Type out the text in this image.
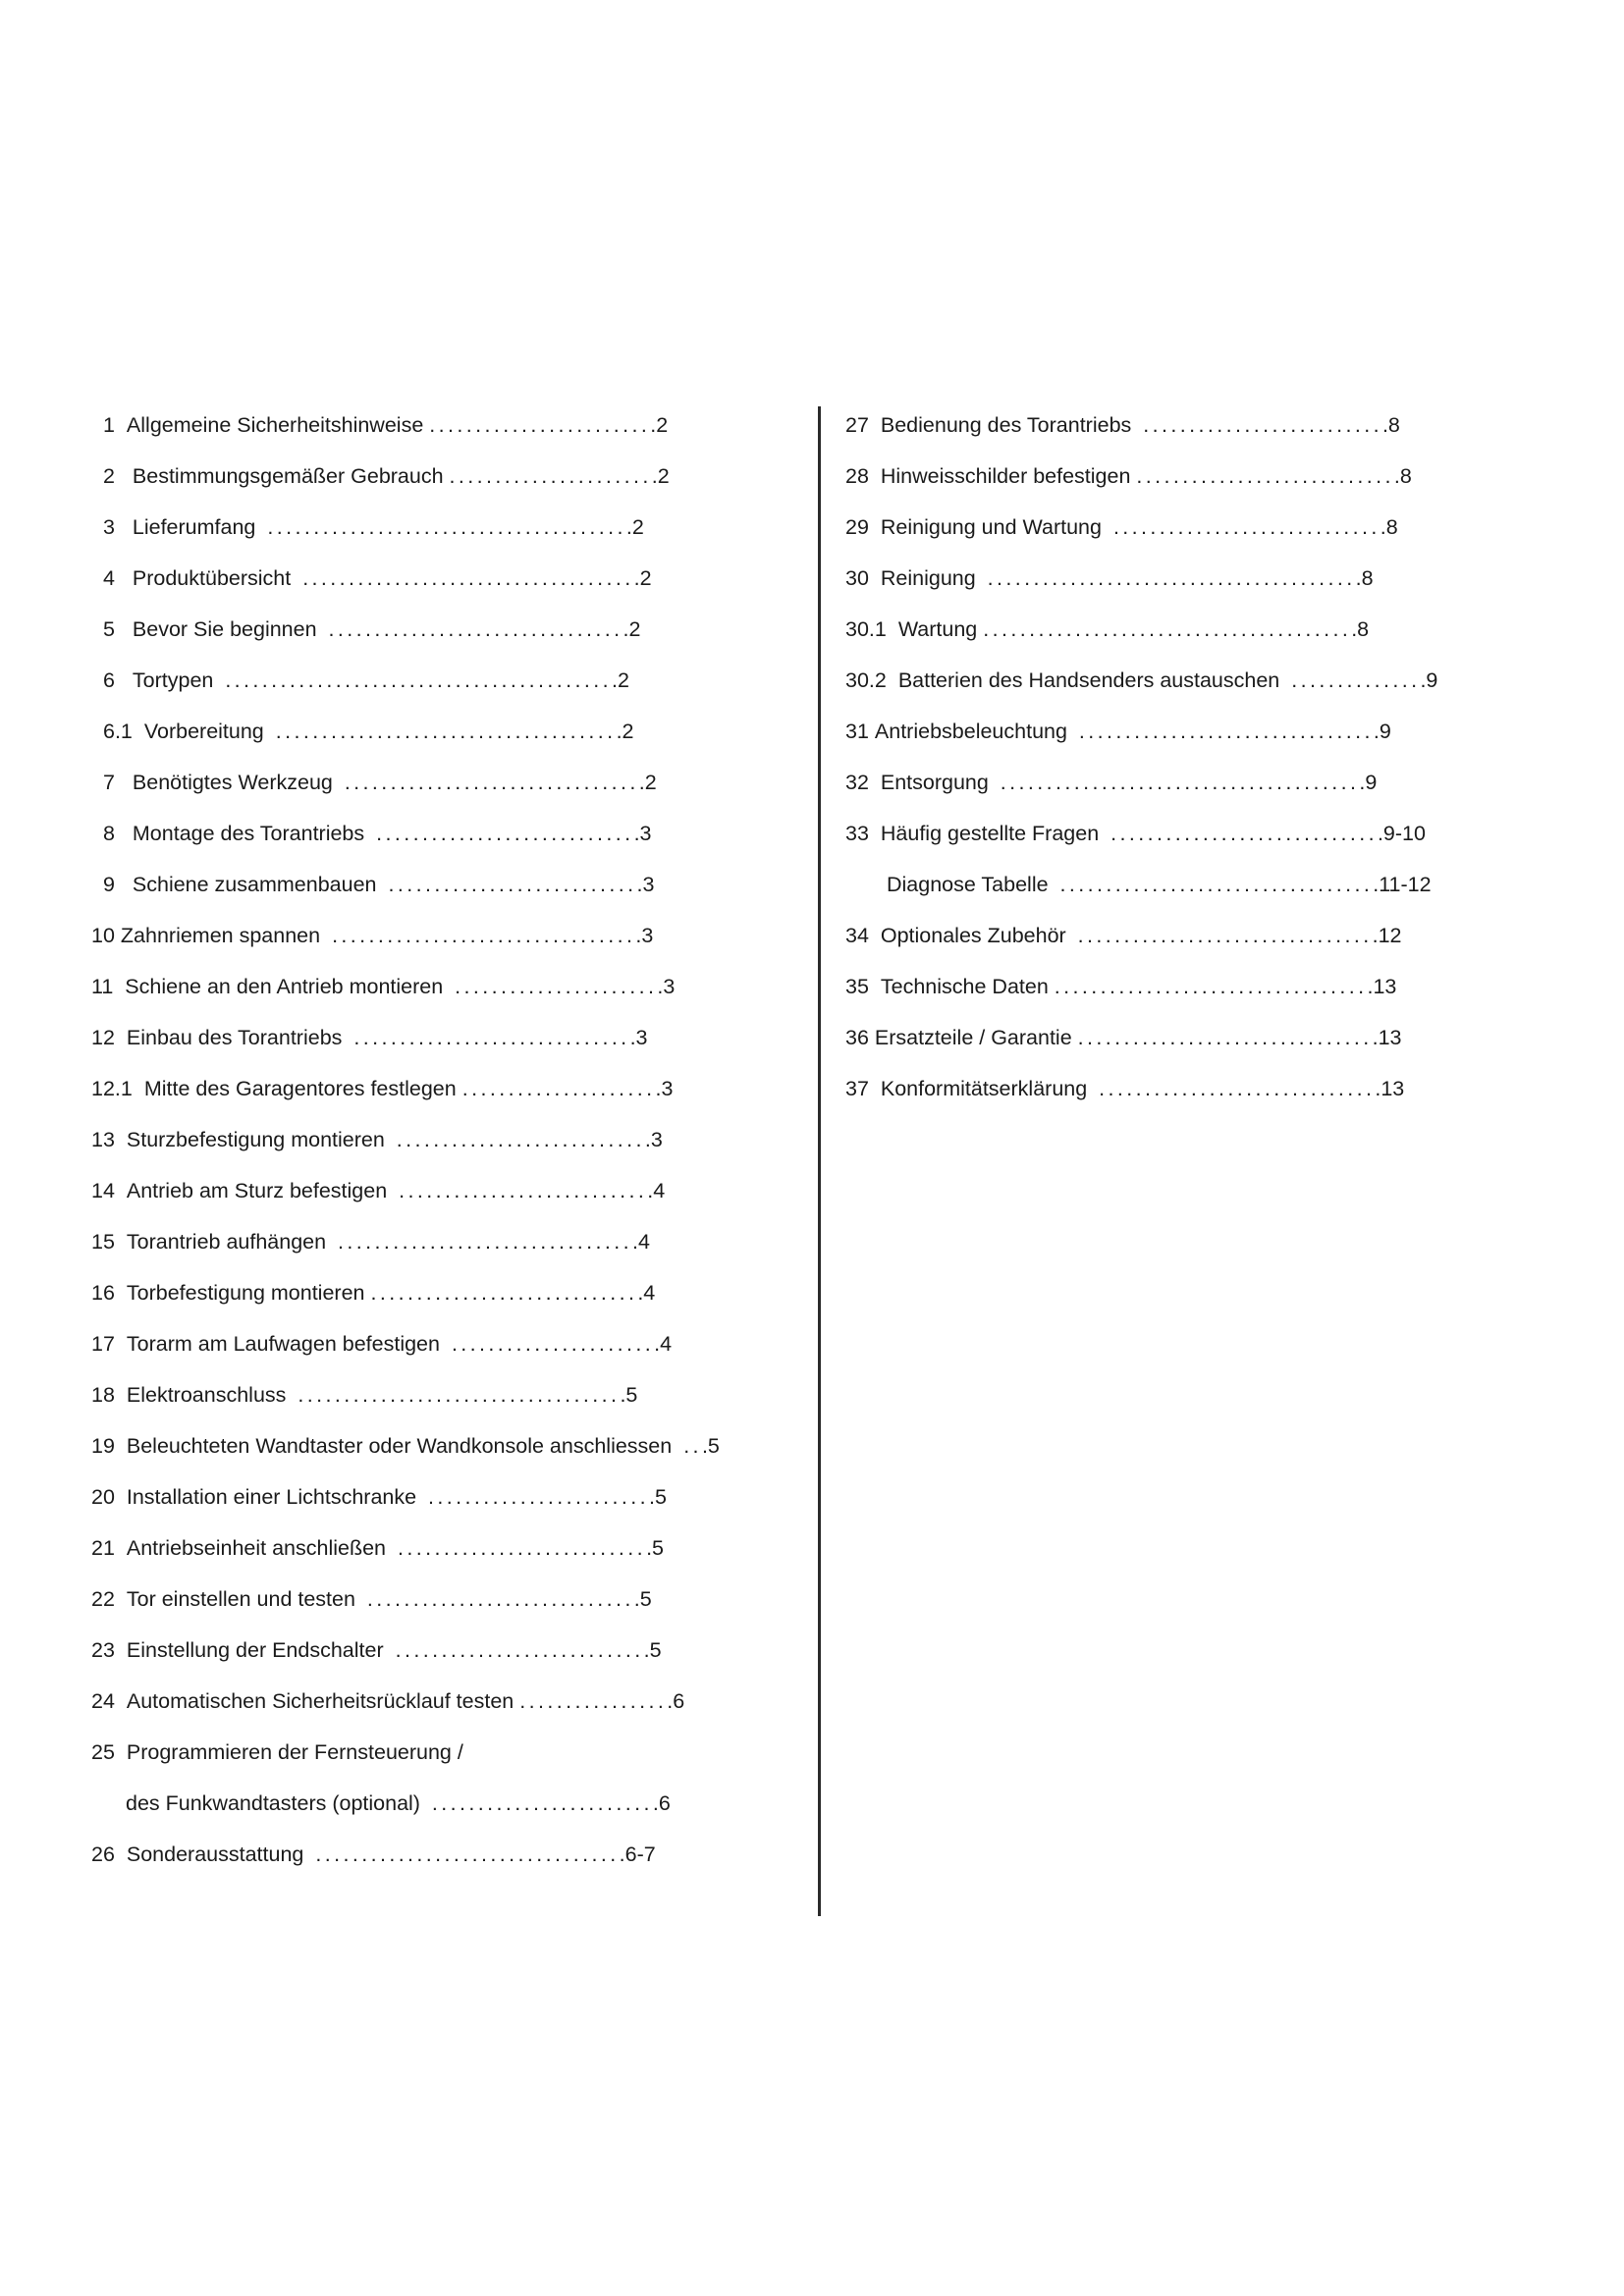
1 Allgemeine Sicherheitshinweise .........................2
2 Bestimmungsgemäßer Gebrauch .......................2
3 Lieferumfang ........................................2
4 Produktübersicht .....................................2
5 Bevor Sie beginnen .................................2
6 Tortypen ...........................................2
6.1 Vorbereitung ......................................2
7 Benötigtes Werkzeug .................................2
8 Montage des Torantriebs .............................3
9 Schiene zusammenbauen ............................3
10 Zahnriemen spannen ..................................3
11 Schiene an den Antrieb montieren .......................3
12 Einbau des Torantriebs ...............................3
12.1 Mitte des Garagentores festlegen ......................3
13 Sturzbefestigung montieren ............................3
14 Antrieb am Sturz befestigen ............................4
15 Torantrieb aufhängen .................................4
16 Torbefestigung montieren ..............................4
17 Torarm am Laufwagen befestigen .......................4
18 Elektroanschluss ....................................5
19 Beleuchteten Wandtaster oder Wandkonsole anschliessen ...5
20 Installation einer Lichtschranke .........................5
21 Antriebseinheit anschließen ............................5
22 Tor einstellen und testen ..............................5
23 Einstellung der Endschalter ............................5
24 Automatischen Sicherheitsrücklauf testen .................6
25 Programmieren der Fernsteuerung /
des Funkwandtasters (optional) .........................6
26 Sonderausstattung ..................................6-7
27 Bedienung des Torantriebs ...........................8
28 Hinweisschilder befestigen .............................8
29 Reinigung und Wartung ..............................8
30 Reinigung .........................................8
30.1 Wartung .........................................8
30.2 Batterien des Handsenders austauschen ...............9
31 Antriebsbeleuchtung .................................9
32 Entsorgung ........................................9
33 Häufig gestellte Fragen ..............................9-10
Diagnose Tabelle ...................................11-12
34 Optionales Zubehör .................................12
35 Technische Daten ...................................13
36 Ersatzteile / Garantie .................................13
37 Konformitätserklärung ...............................13
